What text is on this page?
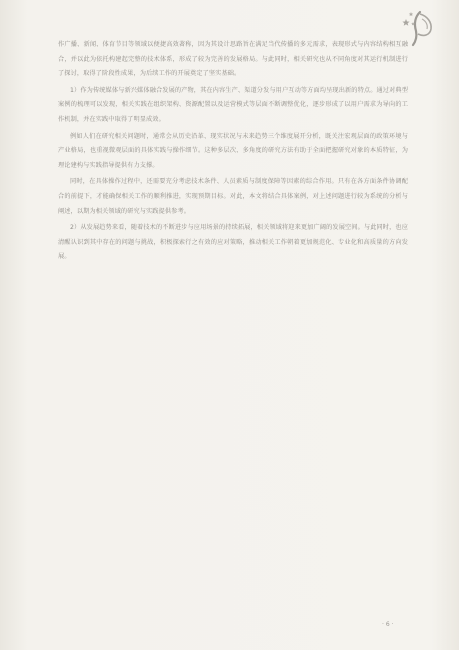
作广播、新闻、体育节目等领域以便捷高效著称，因为其设计思路旨在满足当代传播的多元需求，表现形式与内容结构相互融合，并以此为依托构建起完整的技术体系，形成了较为完善的发展格局。与此同时，相关研究也从不同角度对其运行机制进行了探讨，取得了阶段性成果，为后续工作的开展奠定了坚实基础。

1）作为传统媒体与新兴媒体融合发展的产物，其在内容生产、渠道分发与用户互动等方面均呈现出新的特点。通过对典型案例的梳理可以发现，相关实践在组织架构、资源配置以及运营模式等层面不断调整优化，逐步形成了以用户需求为导向的工作机制，并在实践中取得了明显成效。

例如人们在研究相关问题时，通常会从历史沿革、现实状况与未来趋势三个维度展开分析，既关注宏观层面的政策环境与产业格局，也重视微观层面的具体实践与操作细节。这种多层次、多角度的研究方法有助于全面把握研究对象的本质特征，为理论建构与实践指导提供有力支撑。

同时，在具体操作过程中，还需要充分考虑技术条件、人员素质与制度保障等因素的综合作用。只有在各方面条件协调配合的前提下，才能确保相关工作的顺利推进，实现预期目标。对此，本文将结合具体案例，对上述问题进行较为系统的分析与阐述，以期为相关领域的研究与实践提供参考。

2）从发展趋势来看，随着技术的不断进步与应用场景的持续拓展，相关领域将迎来更加广阔的发展空间。与此同时，也应清醒认识到其中存在的问题与挑战，积极探索行之有效的应对策略，推动相关工作朝着更加规范化、专业化和高质量的方向发展。

· 6 ·
